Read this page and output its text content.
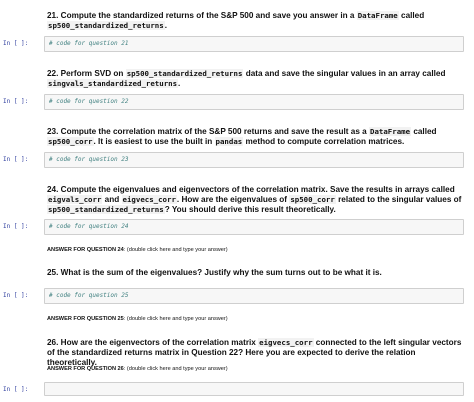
21. Compute the standardized returns of the S&P 500 and save you answer in a DataFrame called
sp500_standardized_returns.

In [ ]:	# code for question 21

22. Perform SVD on sp500_standardized_returns data and save the singular values in an array called
singvals_standardized_returns.

In [ ]:	# code for question 22

23. Compute the correlation matrix of the S&P 500 returns and save the result as a DataFrame called
sp500_corr. It is easiest to use the built in pandas method to compute correlation matrices.

In [ ]:	# code for question 23

24. Compute the eigenvalues and eigenvectors of the correlation matrix. Save the results in arrays called eigvals_corr and eigvecs_corr. How are the eigenvalues of sp500_corr related to the singular values of sp500_standardized_returns? You should derive this result theoretically.

In [ ]:	# code for question 24

ANSWER FOR QUESTION 24: (double click here and type your answer)

25. What is the sum of the eigenvalues? Justify why the sum turns out to be what it is.

In [ ]:	# code for question 25

ANSWER FOR QUESTION 25: (double click here and type your answer)

26. How are the eigenvectors of the correlation matrix eigvecs_corr connected to the left singular vectors of the standardized returns matrix in Question 22? Here you are expected to derive the relation theoretically.

ANSWER FOR QUESTION 26: (double click here and type your answer)

In [ ]:
